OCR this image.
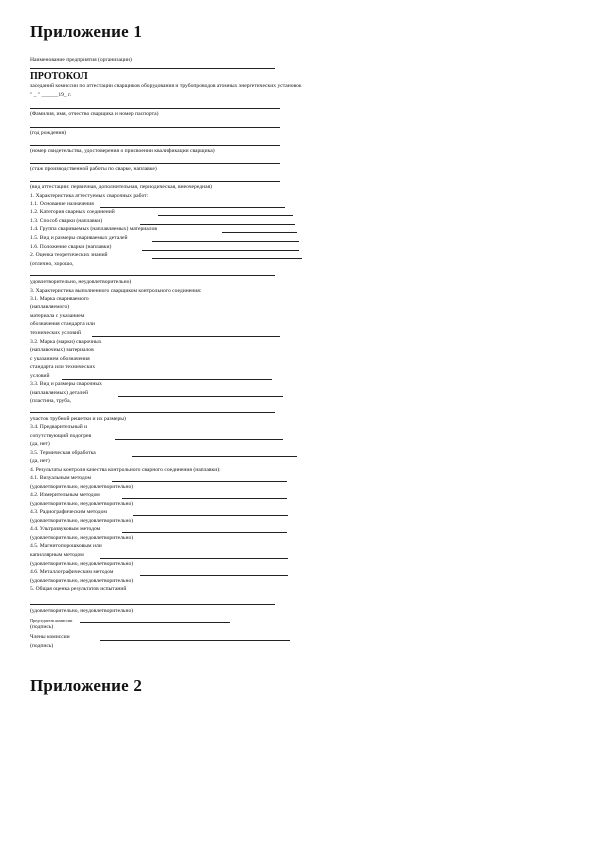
Приложение 1
Наименование предприятия (организации)
ПРОТОКОЛ
заседаний комиссии по аттестации сварщиков оборудования и трубопроводов атомных энергетических установок
" _ " ______19_ г.
(Фамилия, имя, отчество сварщика и номер паспорта)
(год рождения)
(номер свидетельства, удостоверения о присвоении квалификации сварщика)
(стаж производственной работы по сварке, наплавке)
(вид аттестации: первичная, дополнительная, периодическая, внеочередная)
1. Характеристика аттестуемых сварочных работ:
1.1. Основание назначения
1.2. Категория сварных соединений
1.3. Способ сварки (наплавки)
1.4. Группа свариваемых (наплавляемых) материалов
1.5. Вид и размеры свариваемых деталей
1.6. Положение сварки (наплавки)
2. Оценка теоретических знаний
(отлично, хорошо,
удовлетворительно, неудовлетворительно)
3. Характеристика выполненного сварщиком контрольного соединения:
3.1. Марка свариваемого
(наплавляемого)
материала с указанием
обозначения стандарта или
технических условий
3.2. Марка (марки) сварочных
(наплавочных) материалов
с указанием обозначения
стандарта или технических
условий
3.3. Вид и размеры сварочных
(наплавляемых) деталей
(пластина, труба,
участок трубной решетки и их размеры)
3.4. Предварительный и
сопутствующий подогрев
(да, нет)
3.5. Термическая обработка
(да, нет)
4. Результаты контроля качества контрольного сварного соединения (наплавки):
4.1. Визуальным методом
(удовлетворительно, неудовлетворительно)
4.2. Измерительным методом
(удовлетворительно, неудовлетворительно)
4.3. Радиографическим методом
(удовлетворительно, неудовлетворительно)
4.4. Ультразвуковым методом
(удовлетворительно, неудовлетворительно)
4.5. Магнитопорошковым или
капиллярным методом
(удовлетворительно, неудовлетворительно)
4.6. Металлографическим методом
(удовлетворительно, неудовлетворительно)
5. Общая оценка результатов испытаний
(удовлетворительно, неудовлетворительно)
Председатель комиссии
(подпись)
Члены комиссии
(подпись)
Приложение 2
